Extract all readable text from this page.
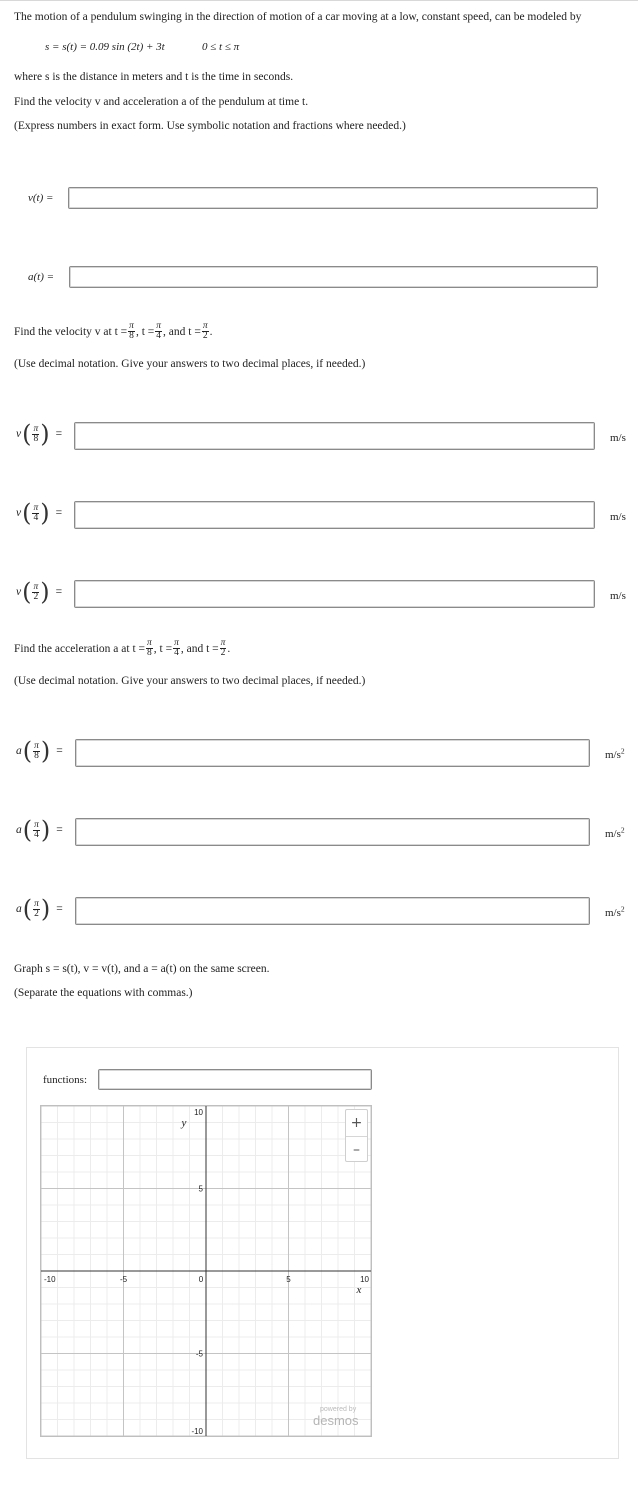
The motion of a pendulum swinging in the direction of motion of a car moving at a low, constant speed, can be modeled by
s = s(t) = 0.09 sin (2t) + 3t	0 ≤ t ≤ π
where s is the distance in meters and t is the time in seconds.
Find the velocity v and acceleration a of the pendulum at time t.
(Express numbers in exact form. Use symbolic notation and fractions where needed.)
v(t) =
a(t) =
Find the velocity v at $t = \frac{\pi}{8}$ , $t = \frac{\pi}{4}$ , and $t = \frac{\pi}{2}$ .
(Use decimal notation. Give your answers to two decimal places, if needed.)
v ( $\frac{\pi}{8}$ ) =	m/s
v ( $\frac{\pi}{4}$ ) =	m/s
v ( $\frac{\pi}{2}$ ) =	m/s
Find the acceleration a at $t = \frac{\pi}{8}$ , $t = \frac{\pi}{4}$ , and $t = \frac{\pi}{2}$ .
(Use decimal notation. Give your answers to two decimal places, if needed.)
a ( $\frac{\pi}{8}$ ) =	$m/s^2$
a ( $\frac{\pi}{4}$ ) =	$m/s^2$
a ( $\frac{\pi}{2}$ ) =	$m/s^2$
Graph s = s(t), v = v(t), and a = a(t) on the same screen.
(Separate the equations with commas.)
functions:
-10	-5	0	5	10
10
5
-5
-10
x
y	+
–
powered by
desmos
